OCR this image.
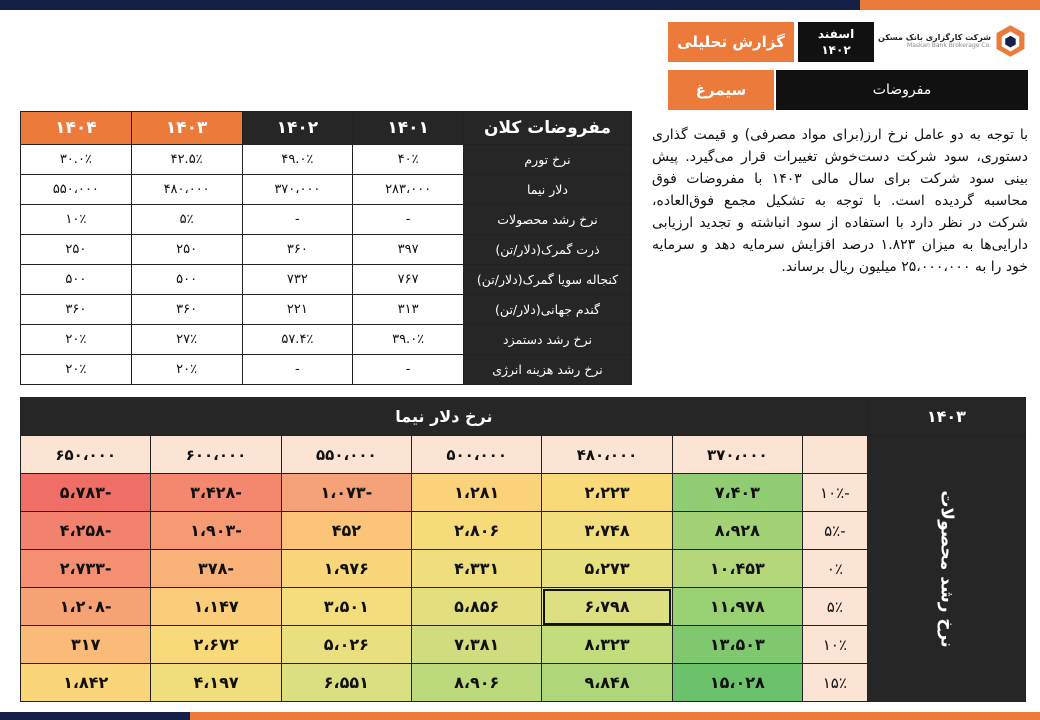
گزارش تحلیلی	اسفند
۱۴۰۲
شرکت کارگزاری بانک مسکن
Maskan Bank Brokerage Co.
سیمرغ	مفروضات

با توجه به دو عامل نرخ ارز(برای مواد مصرفی) و قیمت گذاری دستوری، سود شرکت دست‌خوش تغییرات قرار می‌گیرد. پیش بینی سود شرکت برای سال مالی ۱۴۰۳ با مفروضات فوق محاسبه گردیده است. با توجه به تشکیل مجمع فوق‌العاده، شرکت در نظر دارد با استفاده از سود انباشته و تجدید ارزیابی دارایی‌ها به میزان ۱.۸۲۳ درصد افزایش سرمایه دهد و سرمایه خود را به ۲۵،۰۰۰،۰۰۰ میلیون ریال برساند.

مفروضات کلان	۱۴۰۱	۱۴۰۲	۱۴۰۳	۱۴۰۴
نرخ تورم	۴۰٪	۴۹.۰٪	۴۲.۵٪	۳۰.۰٪
دلار نیما	۲۸۳،۰۰۰	۳۷۰،۰۰۰	۴۸۰،۰۰۰	۵۵۰،۰۰۰
نرخ رشد محصولات	-	-	۵٪	۱۰٪
ذرت گمرک(دلار/تن)	۳۹۷	۳۶۰	۲۵۰	۲۵۰
کنجاله سویا گمرک(دلار/تن)	۷۶۷	۷۳۲	۵۰۰	۵۰۰
گندم جهانی(دلار/تن)	۳۱۳	۲۲۱	۳۶۰	۳۶۰
نرخ رشد دستمزد	۳۹.۰٪	۵۷.۴٪	۲۷٪	۲۰٪
نرخ رشد هزینه انرژی	-	-	۲۰٪	۲۰٪
۱۴۰۳	نرخ دلار نیما						
نرخ رشد محصولات		۳۷۰،۰۰۰	۴۸۰،۰۰۰	۵۰۰،۰۰۰	۵۵۰،۰۰۰	۶۰۰،۰۰۰	۶۵۰،۰۰۰
	-۱۰٪	۷،۴۰۳	۲،۲۲۳	۱،۲۸۱	-۱،۰۷۳	-۳،۴۲۸	-۵،۷۸۳
	-۵٪	۸،۹۲۸	۳،۷۴۸	۲،۸۰۶	۴۵۲	-۱،۹۰۳	-۴،۲۵۸
	۰٪	۱۰،۴۵۳	۵،۲۷۳	۴،۳۳۱	۱،۹۷۶	-۳۷۸	-۲،۷۳۳
	۵٪	۱۱،۹۷۸	۶،۷۹۸	۵،۸۵۶	۳،۵۰۱	۱،۱۴۷	-۱،۲۰۸
	۱۰٪	۱۳،۵۰۳	۸،۳۲۳	۷،۳۸۱	۵،۰۲۶	۲،۶۷۲	۳۱۷
	۱۵٪	۱۵،۰۲۸	۹،۸۴۸	۸،۹۰۶	۶،۵۵۱	۴،۱۹۷	۱،۸۴۲
